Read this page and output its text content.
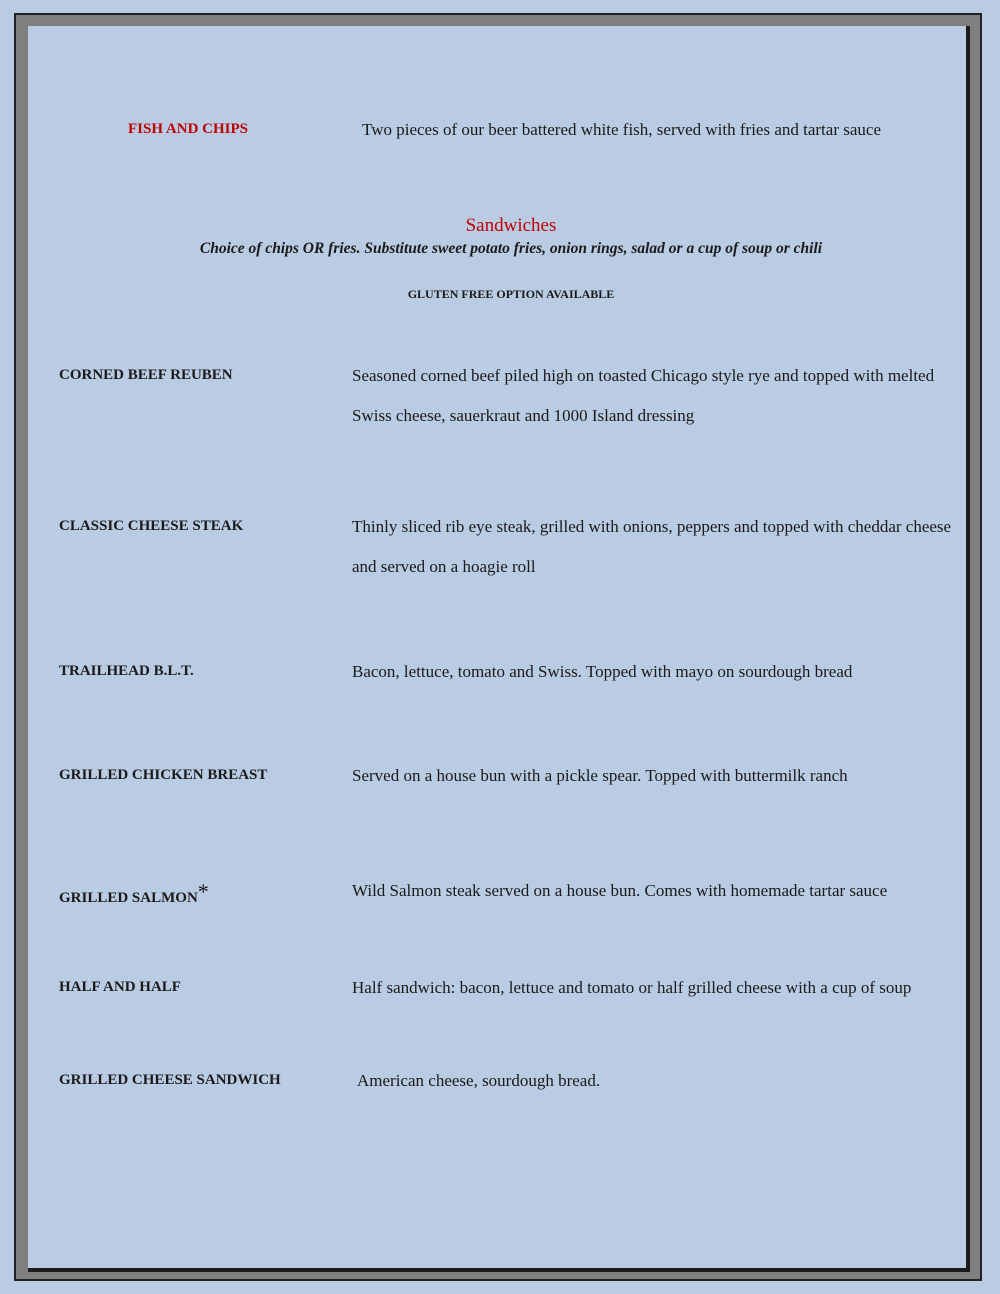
FISH AND CHIPS	Two pieces of our beer battered white fish, served with fries and tartar sauce
Sandwiches
Choice of chips OR fries. Substitute sweet potato fries, onion rings, salad or a cup of soup or chili
GLUTEN FREE OPTION AVAILABLE
CORNED BEEF REUBEN	Seasoned corned beef piled high on toasted Chicago style rye and topped with melted
Swiss cheese, sauerkraut and 1000 Island dressing
CLASSIC CHEESE STEAK	Thinly sliced rib eye steak, grilled with onions, peppers and topped with cheddar cheese
and served on a hoagie roll
TRAILHEAD B.L.T.	Bacon, lettuce, tomato and Swiss. Topped with mayo on sourdough bread
GRILLED CHICKEN BREAST	Served on a house bun with a pickle spear. Topped with buttermilk ranch
GRILLED SALMON*	Wild Salmon steak served on a house bun. Comes with homemade tartar sauce
HALF AND HALF	Half sandwich: bacon, lettuce and tomato or half grilled cheese with a cup of soup
GRILLED CHEESE SANDWICH	American cheese, sourdough bread.
